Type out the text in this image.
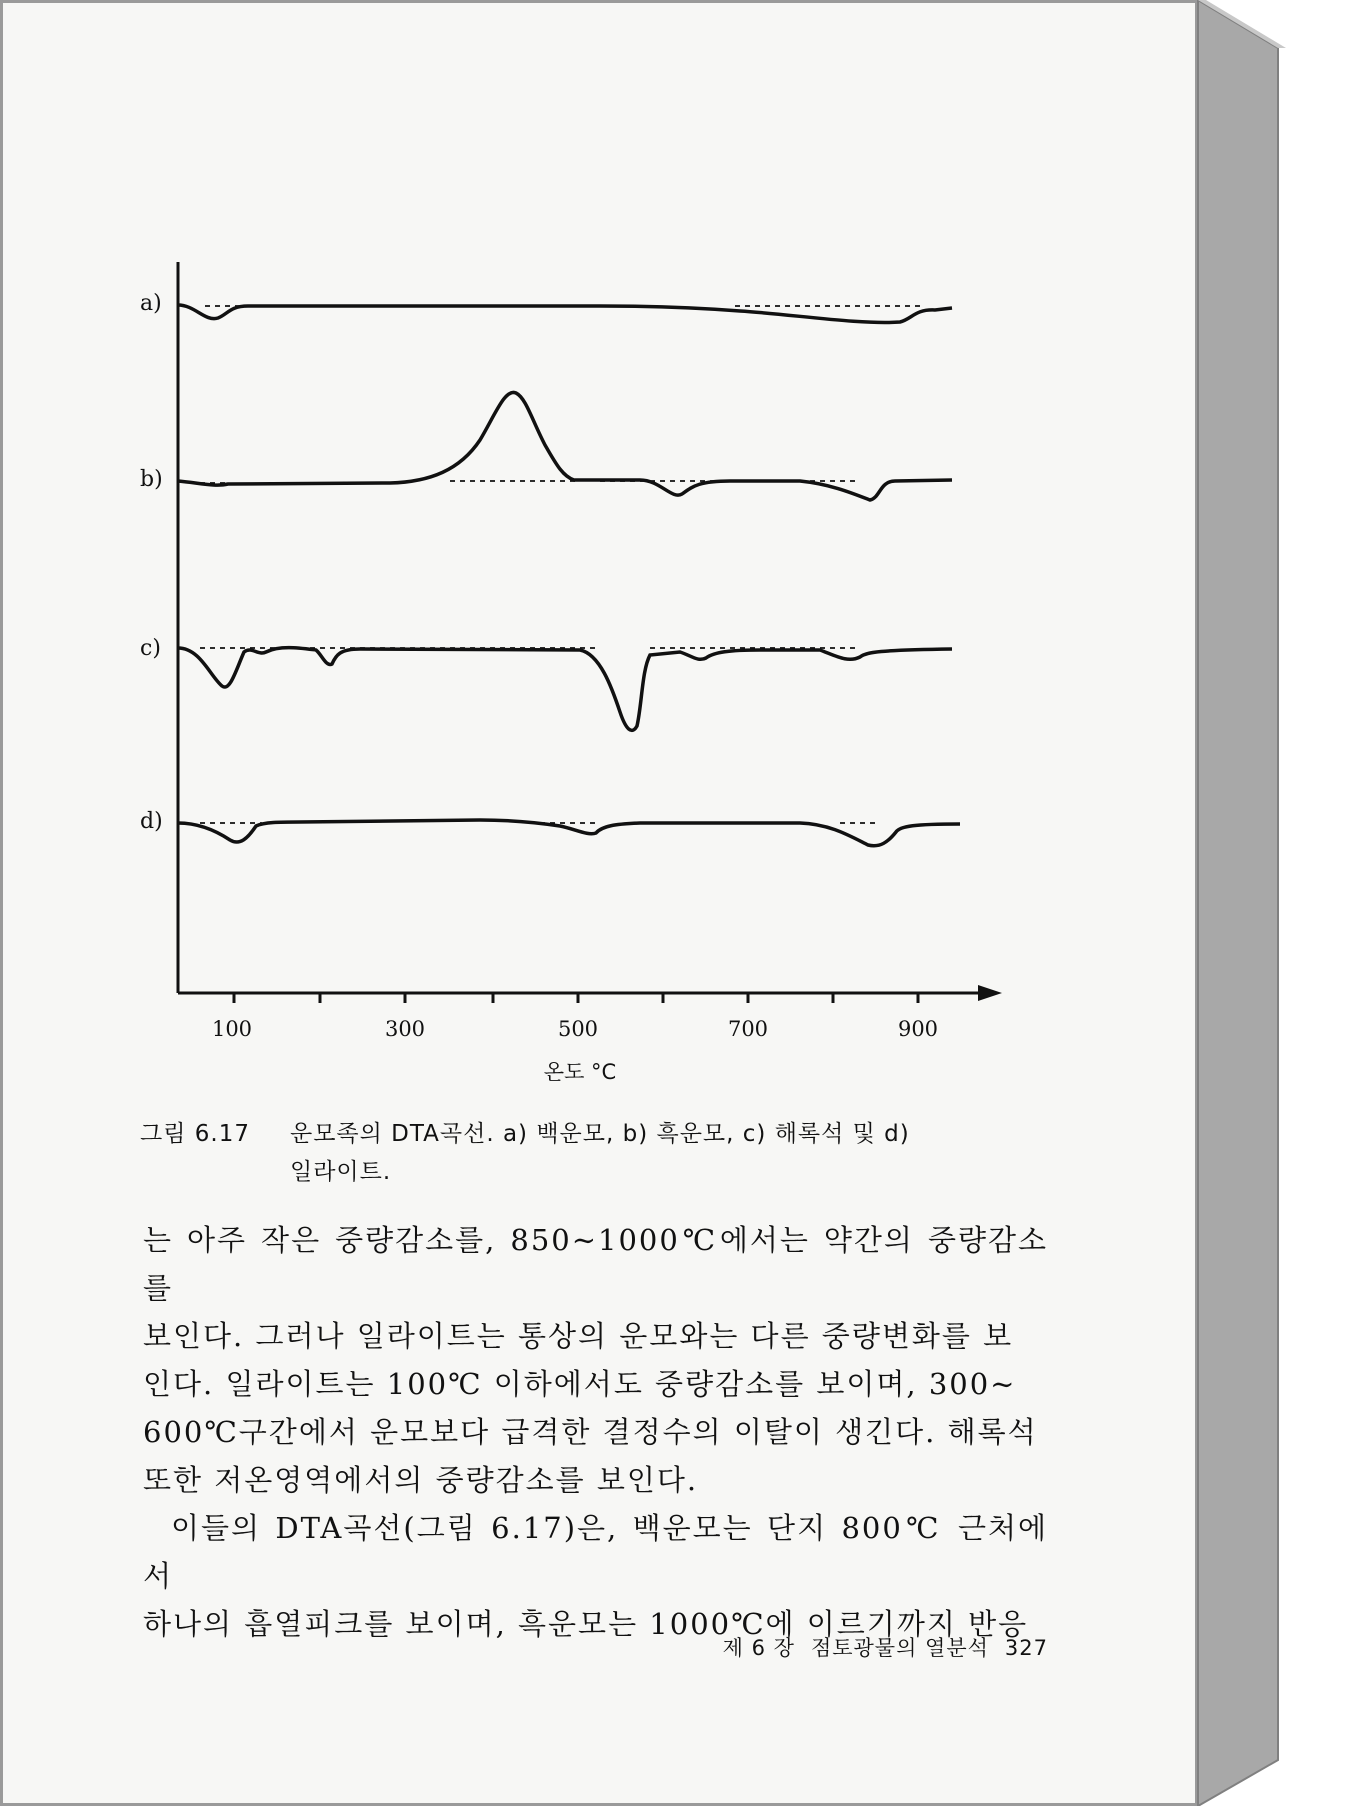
100	300	500	700	900
온도 °C
a)
b)
c)
d)
그림 6.17 운모족의 DTA곡선. a) 백운모, b) 흑운모, c) 해록석 및 d)
일라이트.

는 아주 작은 중량감소를, 850∼1000℃에서는 약간의 중량감소를

보인다. 그러나 일라이트는 통상의 운모와는 다른 중량변화를 보

인다. 일라이트는 100℃ 이하에서도 중량감소를 보이며, 300∼

600℃구간에서 운모보다 급격한 결정수의 이탈이 생긴다. 해록석

또한 저온영역에서의 중량감소를 보인다.

이들의 DTA곡선(그림 6.17)은, 백운모는 단지 800℃ 근처에서

하나의 흡열피크를 보이며, 흑운모는 1000℃에 이르기까지 반응

제 6 장 점토광물의 열분석 327
